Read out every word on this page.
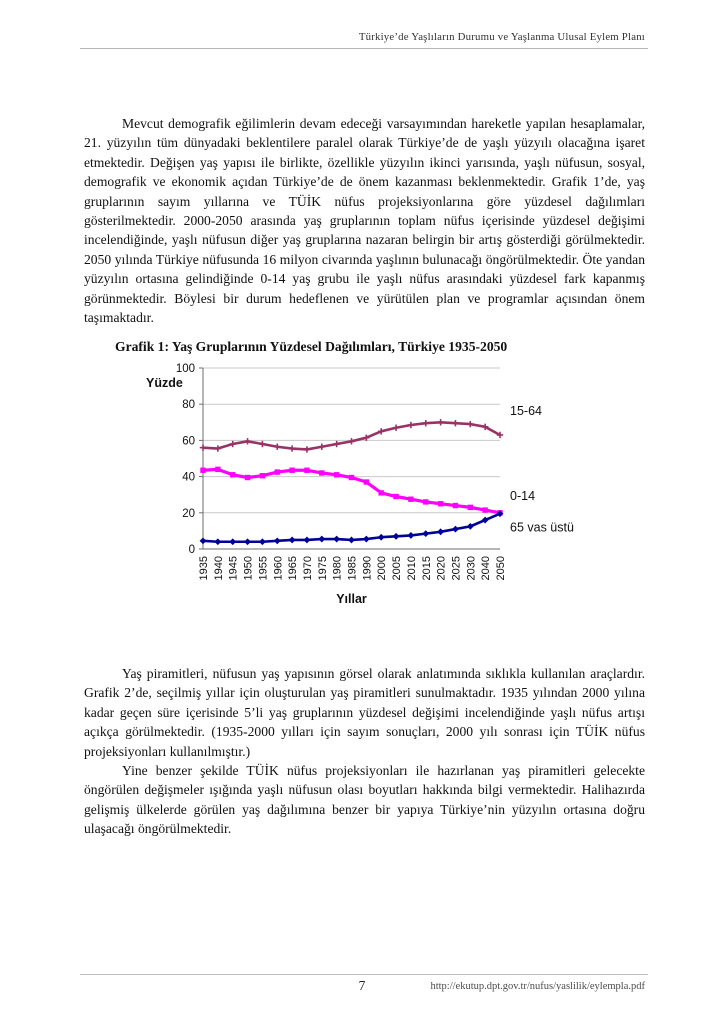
Türkiye’de Yaşlıların Durumu ve Yaşlanma Ulusal Eylem Planı

Mevcut demografik eğilimlerin devam edeceği varsayımından hareketle yapılan hesaplamalar, 21. yüzyılın tüm dünyadaki beklentilere paralel olarak Türkiye’de de yaşlı yüzyılı olacağına işaret etmektedir. Değişen yaş yapısı ile birlikte, özellikle yüzyılın ikinci yarısında, yaşlı nüfusun, sosyal, demografik ve ekonomik açıdan Türkiye’de de önem kazanması beklenmektedir. Grafik 1’de, yaş gruplarının sayım yıllarına ve TÜİK nüfus projeksiyonlarına göre yüzdesel dağılımları gösterilmektedir. 2000-2050 arasında yaş gruplarının toplam nüfus içerisinde yüzdesel değişimi incelendiğinde, yaşlı nüfusun diğer yaş gruplarına nazaran belirgin bir artış gösterdiği görülmektedir. 2050 yılında Türkiye nüfusunda 16 milyon civarında yaşlının bulunacağı öngörülmektedir. Öte yandan yüzyılın ortasına gelindiğinde 0-14 yaş grubu ile yaşlı nüfus arasındaki yüzdesel fark kapanmış görünmektedir. Böylesi bir durum hedeflenen ve yürütülen plan ve programlar açısından önem taşımaktadır.

Grafik 1: Yaş Gruplarının Yüzdesel Dağılımları, Türkiye 1935-2050
0
20
40
60
80
100
1935 1940 1945 1950 1955 1960 1965 1970 1975 1980 1985 1990 2000 2005 2010 2015 2020 2025 2030 2040 2050
15-64
0-14
65 vas üstü
Yüzde
Yıllar

Yaş piramitleri, nüfusun yaş yapısının görsel olarak anlatımında sıklıkla kullanılan araçlardır. Grafik 2’de, seçilmiş yıllar için oluşturulan yaş piramitleri sunulmaktadır. 1935 yılından 2000 yılına kadar geçen süre içerisinde 5’li yaş gruplarının yüzdesel değişimi incelendiğinde yaşlı nüfus artışı açıkça görülmektedir. (1935-2000 yılları için sayım sonuçları, 2000 yılı sonrası için TÜİK nüfus projeksiyonları kullanılmıştır.)

Yine benzer şekilde TÜİK nüfus projeksiyonları ile hazırlanan yaş piramitleri gelecekte öngörülen değişmeler ışığında yaşlı nüfusun olası boyutları hakkında bilgi vermektedir. Halihazırda gelişmiş ülkelerde görülen yaş dağılımına benzer bir yapıya Türkiye’nin yüzyılın ortasına doğru ulaşacağı öngörülmektedir.

7	http://ekutup.dpt.gov.tr/nufus/yaslilik/eylempla.pdf
